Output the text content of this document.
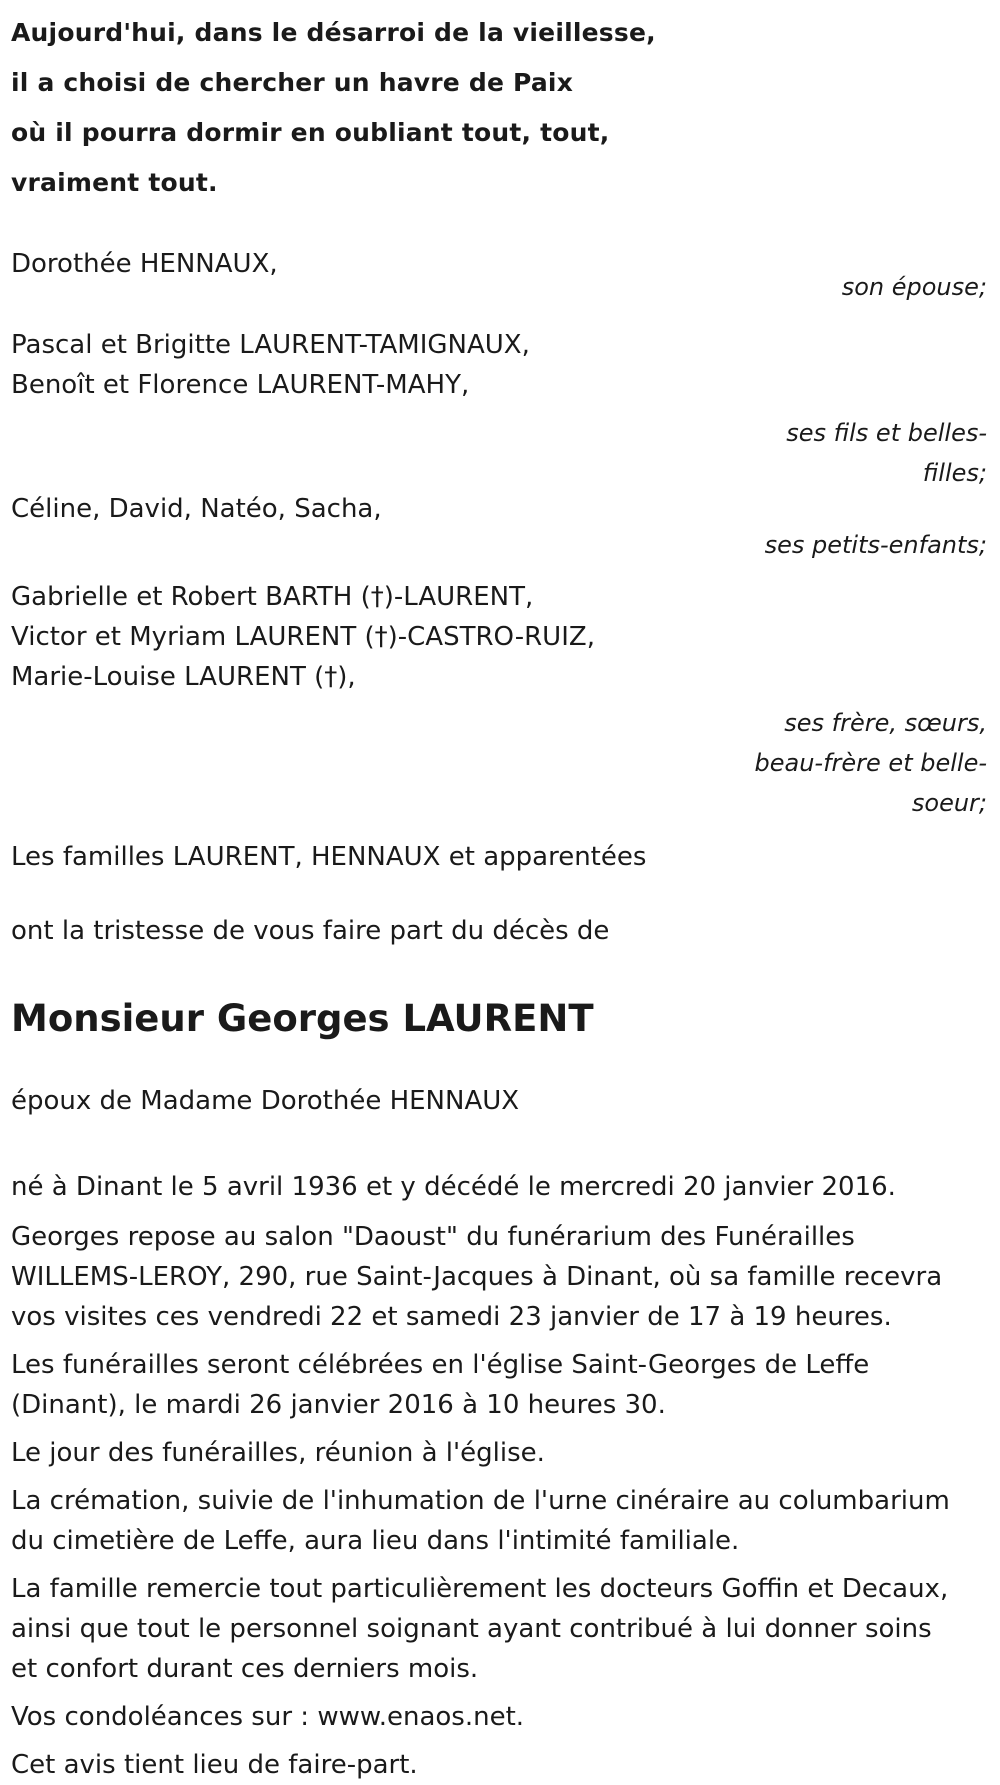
Aujourd'hui, dans le désarroi de la vieillesse,
il a choisi de chercher un havre de Paix
où il pourra dormir en oubliant tout, tout,
vraiment tout.
Dorothée HENNAUX,
son épouse;
Pascal et Brigitte LAURENT-TAMIGNAUX,
Benoît et Florence LAURENT-MAHY,
ses fils et belles-
filles;
Céline, David, Natéo, Sacha,
ses petits-enfants;
Gabrielle et Robert BARTH (†)-LAURENT,
Victor et Myriam LAURENT (†)-CASTRO-RUIZ,
Marie-Louise LAURENT (†),
ses frère, sœurs,
beau-frère et belle-
soeur;
Les familles LAURENT, HENNAUX et apparentées
ont la tristesse de vous faire part du décès de
Monsieur Georges LAURENT
époux de Madame Dorothée HENNAUX
né à Dinant le 5 avril 1936 et y décédé le mercredi 20 janvier 2016.
Georges repose au salon "Daoust" du funérarium des Funérailles
WILLEMS-LEROY, 290, rue Saint-Jacques à Dinant, où sa famille recevra
vos visites ces vendredi 22 et samedi 23 janvier de 17 à 19 heures.
Les funérailles seront célébrées en l'église Saint-Georges de Leffe
(Dinant), le mardi 26 janvier 2016 à 10 heures 30.
Le jour des funérailles, réunion à l'église.
La crémation, suivie de l'inhumation de l'urne cinéraire au columbarium
du cimetière de Leffe, aura lieu dans l'intimité familiale.
La famille remercie tout particulièrement les docteurs Goffin et Decaux,
ainsi que tout le personnel soignant ayant contribué à lui donner soins
et confort durant ces derniers mois.
Vos condoléances sur : www.enaos.net.
Cet avis tient lieu de faire-part.
